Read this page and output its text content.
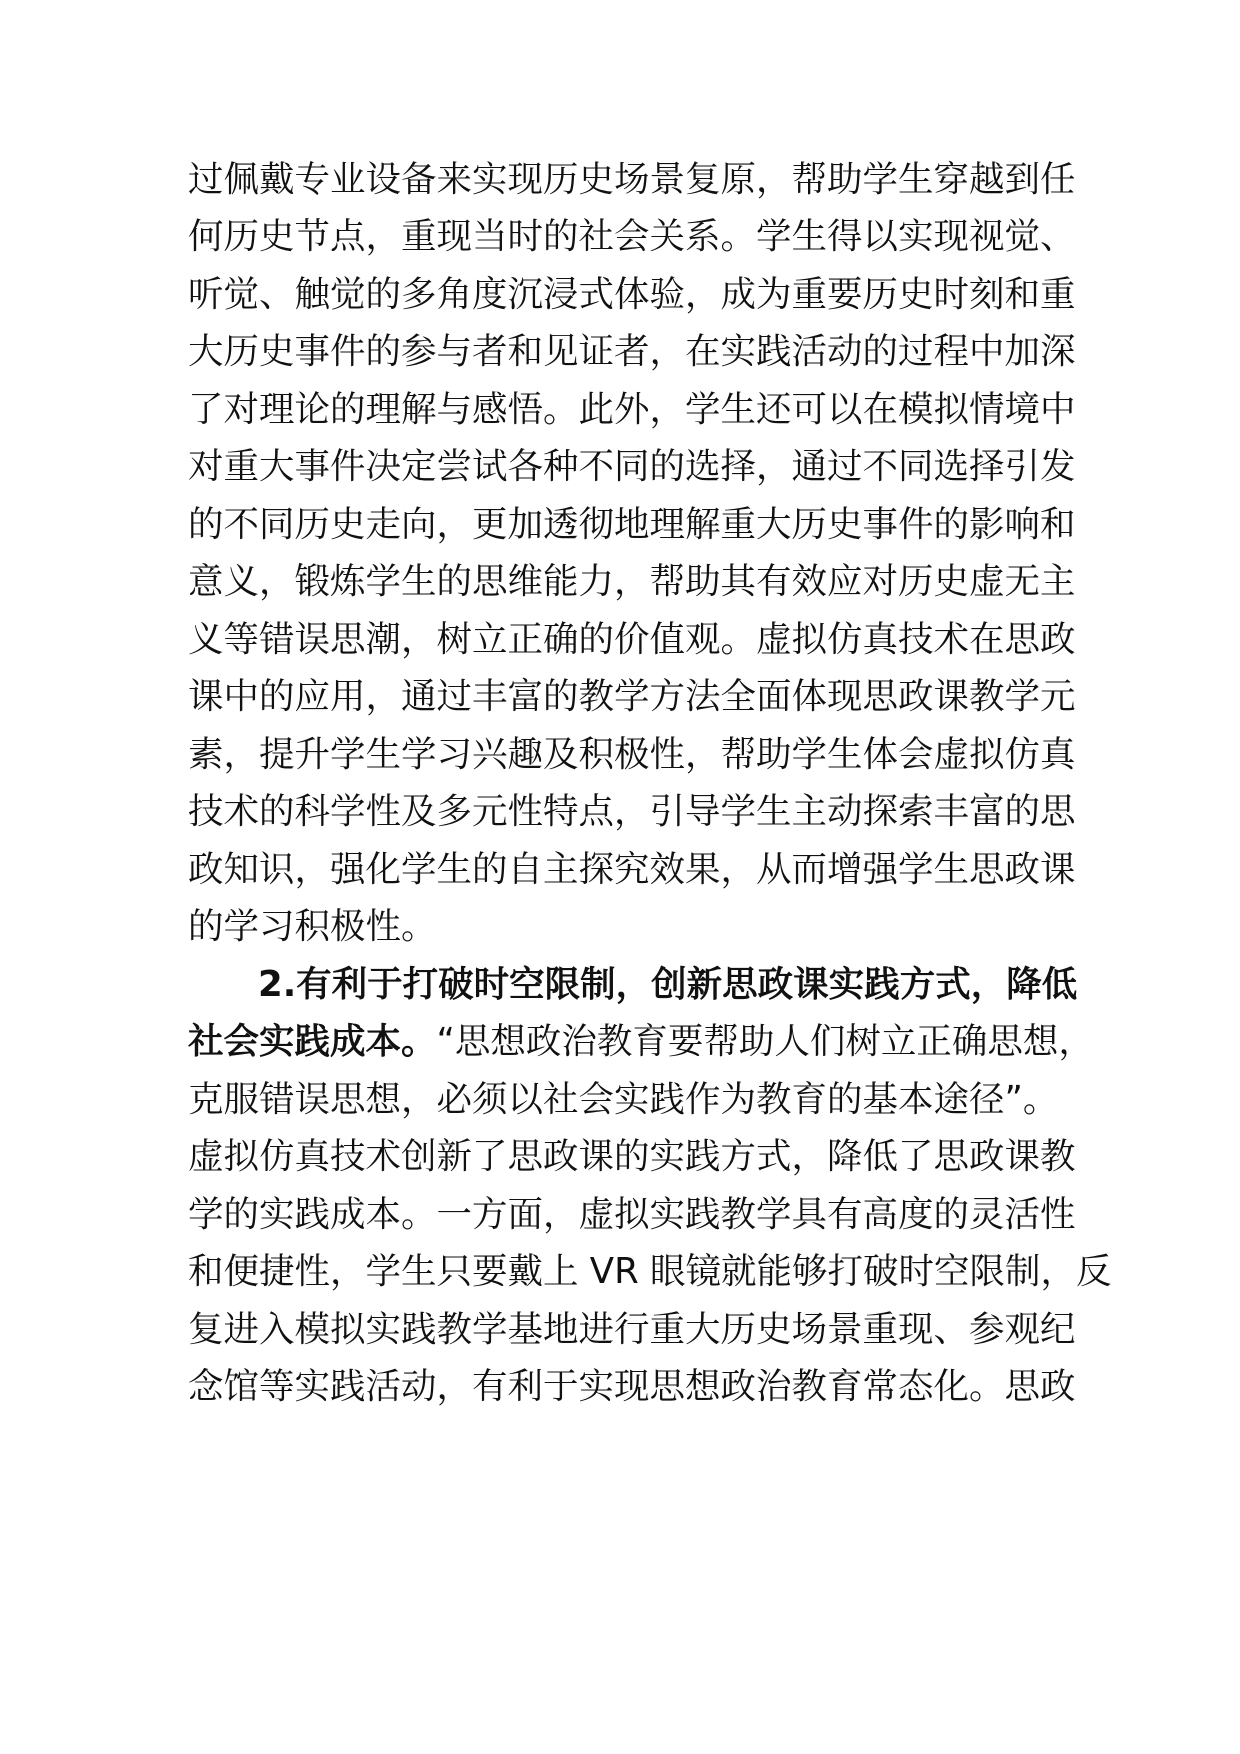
过佩戴专业设备来实现历史场景复原，帮助学生穿越到任
何历史节点，重现当时的社会关系。学生得以实现视觉、
听觉、触觉的多角度沉浸式体验，成为重要历史时刻和重
大历史事件的参与者和见证者，在实践活动的过程中加深
了对理论的理解与感悟。此外，学生还可以在模拟情境中
对重大事件决定尝试各种不同的选择，通过不同选择引发
的不同历史走向，更加透彻地理解重大历史事件的影响和
意义，锻炼学生的思维能力，帮助其有效应对历史虚无主
义等错误思潮，树立正确的价值观。虚拟仿真技术在思政
课中的应用，通过丰富的教学方法全面体现思政课教学元
素，提升学生学习兴趣及积极性，帮助学生体会虚拟仿真
技术的科学性及多元性特点，引导学生主动探索丰富的思
政知识，强化学生的自主探究效果，从而增强学生思政课
的学习积极性。
2.有利于打破时空限制，创新思政课实践方式，降低
社会实践成本。“思想政治教育要帮助人们树立正确思想，
克服错误思想，必须以社会实践作为教育的基本途径”。
虚拟仿真技术创新了思政课的实践方式，降低了思政课教
学的实践成本。一方面，虚拟实践教学具有高度的灵活性
和便捷性，学生只要戴上 VR 眼镜就能够打破时空限制，反
复进入模拟实践教学基地进行重大历史场景重现、参观纪
念馆等实践活动，有利于实现思想政治教育常态化。思政
